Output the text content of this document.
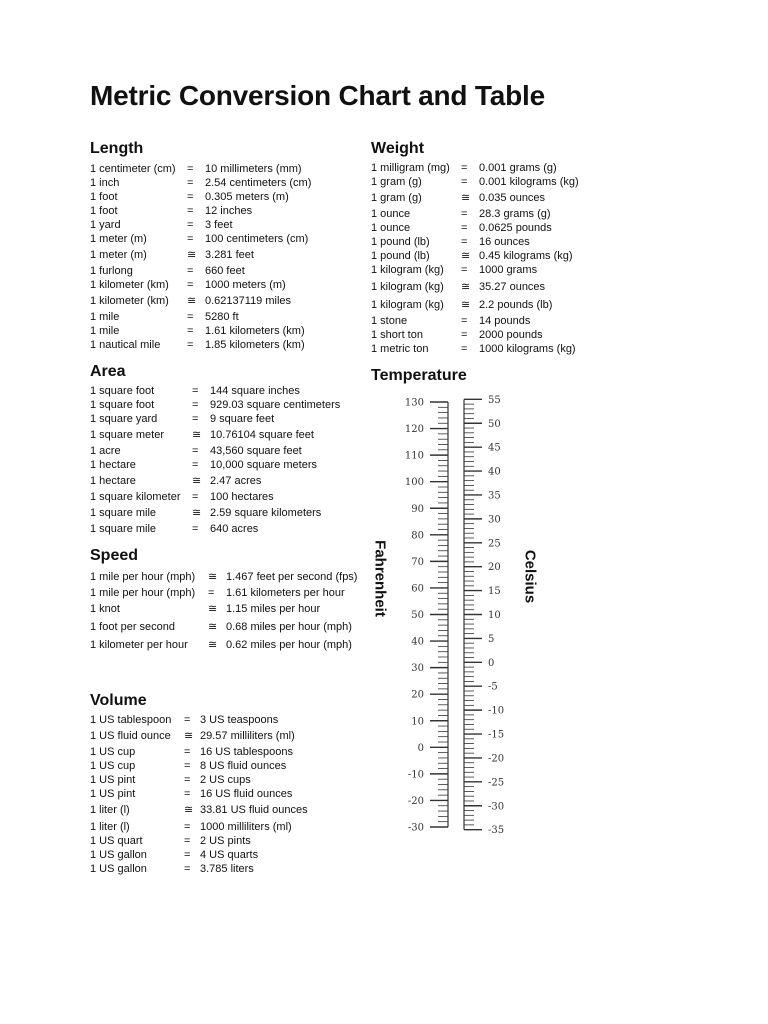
Metric Conversion Chart and Table
Length
1 centimeter (cm) = 10 millimeters (mm)
1 inch	= 2.54 centimeters (cm)
1 foot	= 0.305 meters (m)
1 foot	= 12 inches
1 yard	= 3 feet
1 meter (m)	= 100 centimeters (cm)
1 meter (m)	≅ 3.281 feet
1 furlong	= 660 feet
1 kilometer (km) = 1000 meters (m)
1 kilometer (km) ≅ 0.62137119 miles
1 mile	= 5280 ft
1 mile	= 1.61 kilometers (km)
1 nautical mile = 1.85 kilometers (km)
Area
1 square foot	= 144 square inches
1 square foot	= 929.03 square centimeters
1 square yard	= 9 square feet
1 square meter	≅ 10.76104 square feet
1 acre	= 43,560 square feet
1 hectare	= 10,000 square meters
1 hectare	≅ 2.47 acres
1 square kilometer = 100 hectares
1 square mile	≅ 2.59 square kilometers
1 square mile	= 640 acres
Speed
1 mile per hour (mph) ≅ 1.467 feet per second (fps)
1 mile per hour (mph) = 1.61 kilometers per hour
1 knot	≅ 1.15 miles per hour
1 foot per second	≅ 0.68 miles per hour (mph)
1 kilometer per hour ≅ 0.62 miles per hour (mph)
Volume
1 US tablespoon = 3 US teaspoons
1 US fluid ounce ≅ 29.57 milliliters (ml)
1 US cup	= 16 US tablespoons
1 US cup	= 8 US fluid ounces
1 US pint	= 2 US cups
1 US pint	= 16 US fluid ounces
1 liter (l)	≅ 33.81 US fluid ounces
1 liter (l)	= 1000 milliliters (ml)
1 US quart	= 2 US pints
1 US gallon	= 4 US quarts
1 US gallon	= 3.785 liters
Weight
1 milligram (mg) = 0.001 grams (g)
1 gram (g)	= 0.001 kilograms (kg)
1 gram (g)	≅ 0.035 ounces
1 ounce	= 28.3 grams (g)
1 ounce	= 0.0625 pounds
1 pound (lb)	= 16 ounces
1 pound (lb)	≅ 0.45 kilograms (kg)
1 kilogram (kg) = 1000 grams
1 kilogram (kg) ≅ 35.27 ounces
1 kilogram (kg) ≅ 2.2 pounds (lb)
1 stone	= 14 pounds
1 short ton	= 2000 pounds
1 metric ton	= 1000 kilograms (kg)
Temperature
Fahrenheit	Celsius
130
120
110
100
90
80
70
60
50
40
30
20
10
0
-10
-20
-30
55
50
45
40
35
30
25
20
15
10
5
0
-5
-10
-15
-20
-25
-30
-35
